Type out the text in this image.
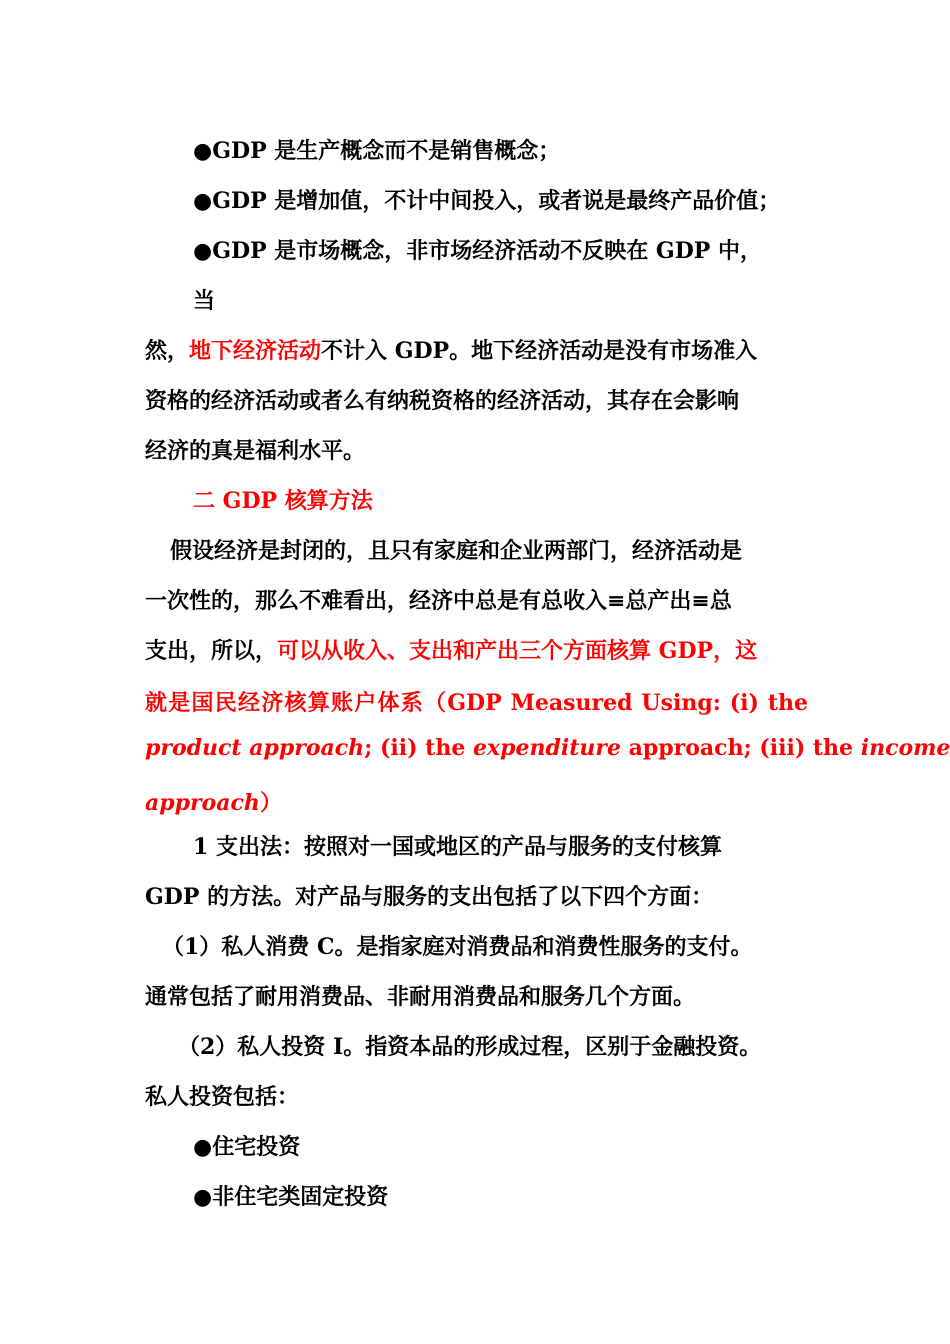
●GDP 是生产概念而不是销售概念；
●GDP 是增加值，不计中间投入，或者说是最终产品价值；
●GDP 是市场概念，非市场经济活动不反映在 GDP 中，
当
然，地下经济活动不计入 GDP。地下经济活动是没有市场准入
资格的经济活动或者么有纳税资格的经济活动，其存在会影响
经济的真是福利水平。
二 GDP 核算方法
假设经济是封闭的，且只有家庭和企业两部门，经济活动是
一次性的，那么不难看出，经济中总是有总收入≡总产出≡总
支出，所以，可以从收入、支出和产出三个方面核算 GDP，这
就是国民经济核算账户体系（GDP Measured Using: (i) the
product approach; (ii) the expenditure approach; (iii) the income
approach）
1 支出法：按照对一国或地区的产品与服务的支付核算
GDP 的方法。对产品与服务的支出包括了以下四个方面：
（1）私人消费 C。是指家庭对消费品和消费性服务的支付。
通常包括了耐用消费品、非耐用消费品和服务几个方面。
（2）私人投资 I。指资本品的形成过程，区别于金融投资。
私人投资包括：
●住宅投资
●非住宅类固定投资
